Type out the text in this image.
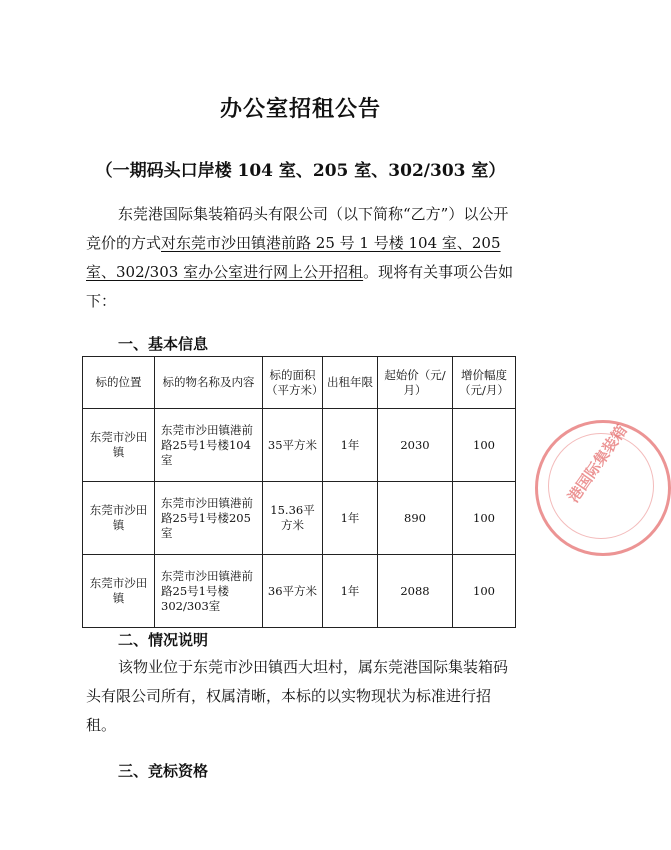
办公室招租公告
（一期码头口岸楼 104 室、205 室、302/303 室）
东莞港国际集装箱码头有限公司（以下简称“乙方”）以公开竞价的方式对东莞市沙田镇港前路 25 号 1 号楼 104 室、205 室、302/303 室办公室进行网上公开招租。现将有关事项公告如下：
一、基本信息
标的位置	标的物名称及内容	标的面积（平方米）	出租年限	起始价（元/月）	增价幅度（元/月）
东莞市沙田镇	东莞市沙田镇港前路25号1号楼104室	35平方米	1年	2030	100
东莞市沙田镇	东莞市沙田镇港前路25号1号楼205室	15.36平方米	1年	890	100
东莞市沙田镇	东莞市沙田镇港前路25号1号楼302/303室	36平方米	1年	2088	100
二、情况说明
该物业位于东莞市沙田镇西大坦村，属东莞港国际集装箱码头有限公司所有，权属清晰，本标的以实物现状为标准进行招租。
三、竞标资格
港国际集装箱
